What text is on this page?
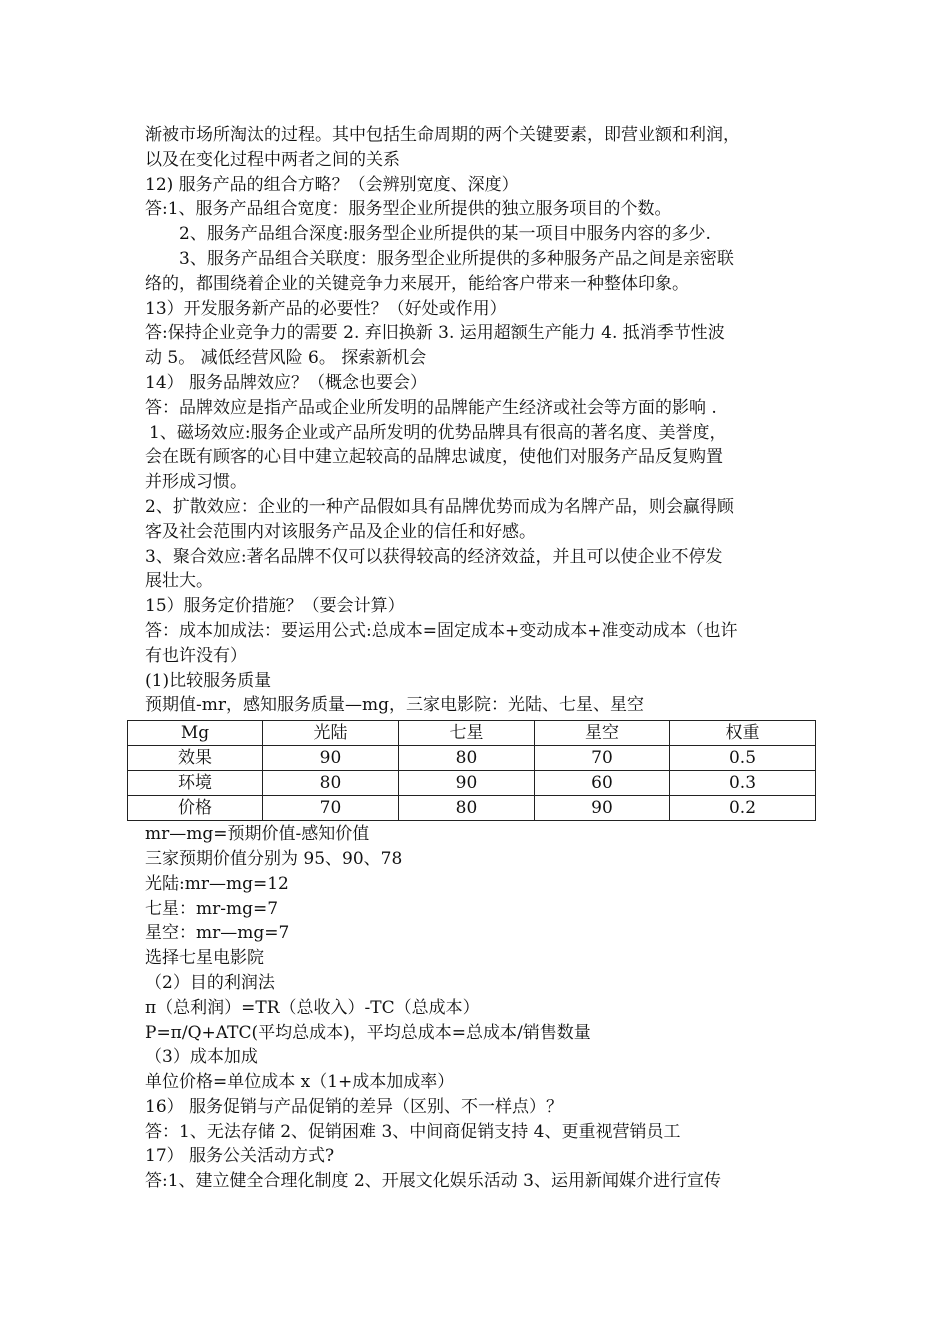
渐被市场所淘汰的过程。其中包括生命周期的两个关键要素，即营业额和利润，
以及在变化过程中两者之间的关系
12) 服务产品的组合方略？（会辨别宽度、深度）
答:1、服务产品组合宽度：服务型企业所提供的独立服务项目的个数。
2、服务产品组合深度:服务型企业所提供的某一项目中服务内容的多少.
3、服务产品组合关联度：服务型企业所提供的多种服务产品之间是亲密联
络的，都围绕着企业的关键竞争力来展开，能给客户带来一种整体印象。
13）开发服务新产品的必要性？（好处或作用）
答:保持企业竞争力的需要 2. 弃旧换新 3. 运用超额生产能力 4. 抵消季节性波
动 5。 减低经营风险 6。 探索新机会
14） 服务品牌效应？（概念也要会）
答：品牌效应是指产品或企业所发明的品牌能产生经济或社会等方面的影响 .
1、磁场效应:服务企业或产品所发明的优势品牌具有很高的著名度、美誉度，
会在既有顾客的心目中建立起较高的品牌忠诚度，使他们对服务产品反复购置
并形成习惯。
2、扩散效应：企业的一种产品假如具有品牌优势而成为名牌产品，则会赢得顾
客及社会范围内对该服务产品及企业的信任和好感。
3、聚合效应:著名品牌不仅可以获得较高的经济效益，并且可以使企业不停发
展壮大。
15）服务定价措施？（要会计算）
答：成本加成法：要运用公式:总成本=固定成本+变动成本+准变动成本（也许
有也许没有）
(1)比较服务质量
预期值-mr，感知服务质量—mg，三家电影院：光陆、七星、星空
Mg	光陆	七星	星空	权重
效果	90	80	70	0.5
环境	80	90	60	0.3
价格	70	80	90	0.2
mr—mg=预期价值-感知价值
三家预期价值分别为 95、90、78
光陆:mr—mg=12
七星：mr-mg=7
星空：mr—mg=7
选择七星电影院
（2）目的利润法
π（总利润）=TR（总收入）-TC（总成本）
P=π/Q+ATC(平均总成本)，平均总成本=总成本/销售数量
（3）成本加成
单位价格=单位成本 x（1+成本加成率）
16） 服务促销与产品促销的差异（区别、不一样点）？
答：1、无法存储 2、促销困难 3、中间商促销支持 4、更重视营销员工
17） 服务公关活动方式?
答:1、建立健全合理化制度 2、开展文化娱乐活动 3、运用新闻媒介进行宣传
